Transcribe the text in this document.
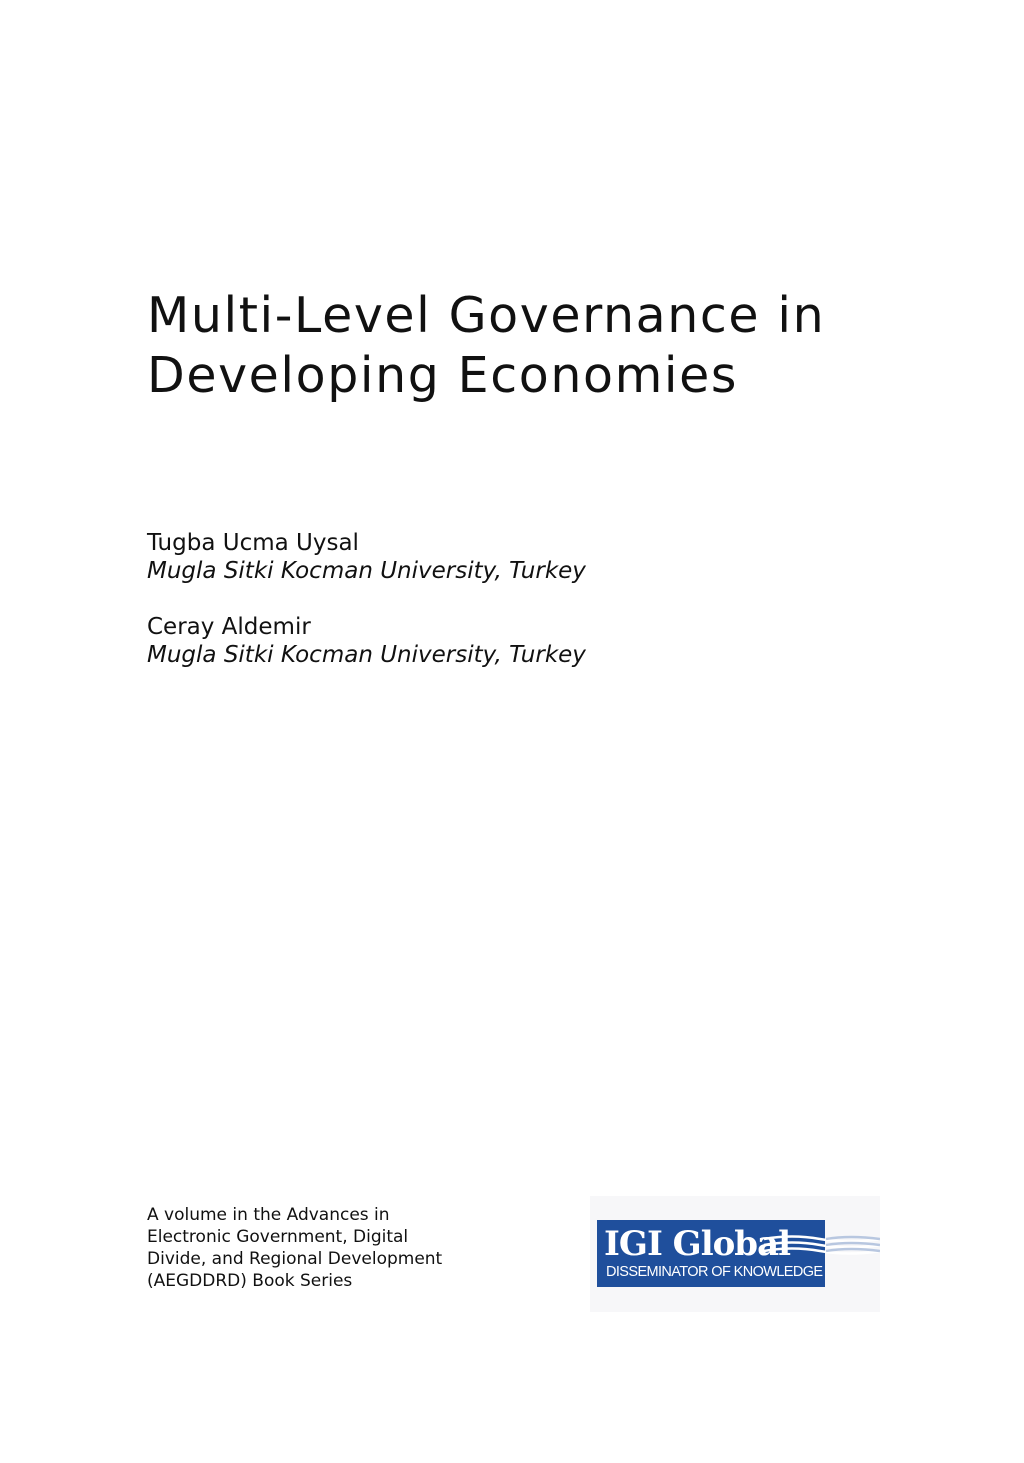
Multi-Level Governance in
Developing Economies
Tugba Ucma Uysal
Mugla Sitki Kocman University, Turkey
Ceray Aldemir
Mugla Sitki Kocman University, Turkey
A volume in the Advances in
Electronic Government, Digital
Divide, and Regional Development
(AEGDDRD) Book Series
IGI Global
DISSEMINATOR OF KNOWLEDGE
